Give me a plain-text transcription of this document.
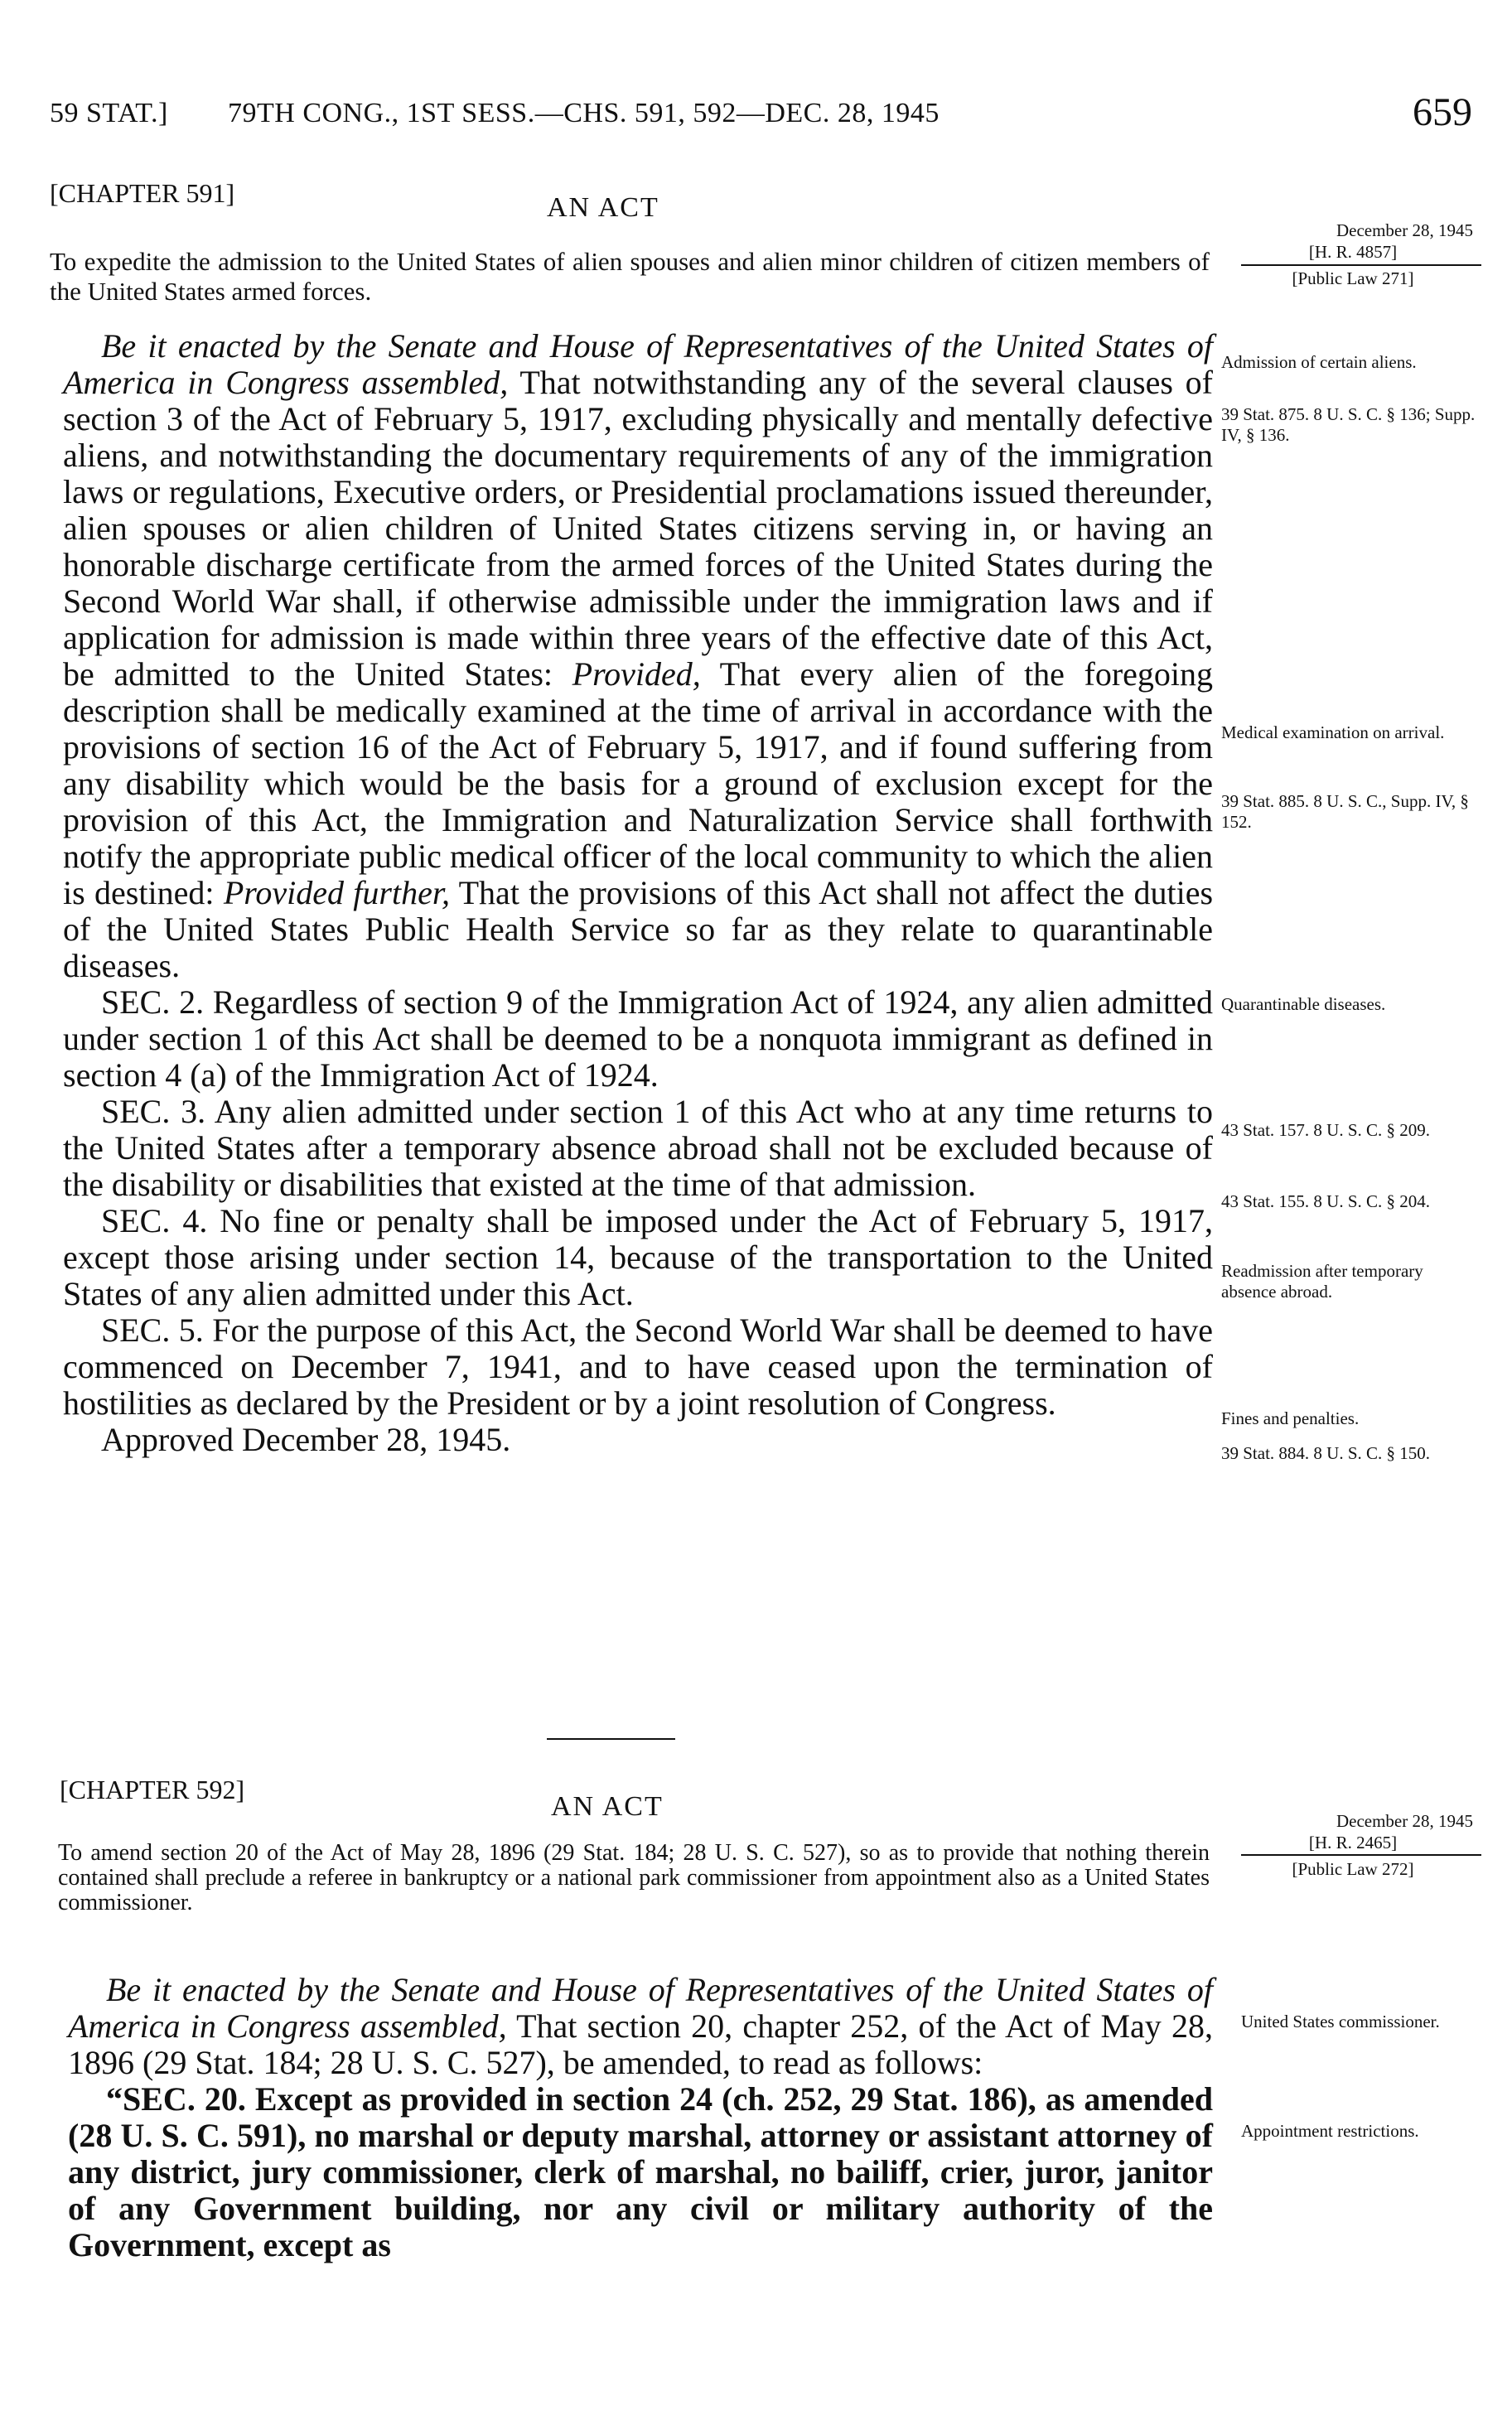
59 STAT.] 79TH CONG., 1ST SESS.—CHS. 591, 592—DEC. 28, 1945	659
[CHAPTER 591]	AN ACT
To expedite the admission to the United States of alien spouses and alien minor children of citizen members of the United States armed forces.
December 28, 1945
[H. R. 4857]
[Public Law 271]

Be it enacted by the Senate and House of Representatives of the United States of America in Congress assembled, That notwithstanding any of the several clauses of section 3 of the Act of February 5, 1917, excluding physically and mentally defective aliens, and notwithstanding the documentary requirements of any of the immigration laws or regulations, Executive orders, or Presidential proclamations issued thereunder, alien spouses or alien children of United States citizens serving in, or having an honorable discharge certificate from the armed forces of the United States during the Second World War shall, if otherwise admissible under the immigration laws and if application for admission is made within three years of the effective date of this Act, be admitted to the United States: Provided, That every alien of the foregoing description shall be medically examined at the time of arrival in accordance with the provisions of section 16 of the Act of February 5, 1917, and if found suffering from any disability which would be the basis for a ground of exclusion except for the provision of this Act, the Immigration and Naturalization Service shall forthwith notify the appropriate public medical officer of the local community to which the alien is destined: Provided further, That the provisions of this Act shall not affect the duties of the United States Public Health Service so far as they relate to quarantinable diseases.

SEC. 2. Regardless of section 9 of the Immigration Act of 1924, any alien admitted under section 1 of this Act shall be deemed to be a nonquota immigrant as defined in section 4 (a) of the Immigration Act of 1924.

SEC. 3. Any alien admitted under section 1 of this Act who at any time returns to the United States after a temporary absence abroad shall not be excluded because of the disability or disabilities that existed at the time of that admission.

SEC. 4. No fine or penalty shall be imposed under the Act of February 5, 1917, except those arising under section 14, because of the transportation to the United States of any alien admitted under this Act.

SEC. 5. For the purpose of this Act, the Second World War shall be deemed to have commenced on December 7, 1941, and to have ceased upon the termination of hostilities as declared by the President or by a joint resolution of Congress.

Approved December 28, 1945.

Admission of certain aliens.
39 Stat. 875. 8 U. S. C. § 136; Supp. IV, § 136.
Medical examination on arrival.
39 Stat. 885. 8 U. S. C., Supp. IV, § 152.
Quarantinable diseases.
43 Stat. 157. 8 U. S. C. § 209.
43 Stat. 155. 8 U. S. C. § 204.
Readmission after temporary absence abroad.
Fines and penalties.
39 Stat. 884. 8 U. S. C. § 150.
[CHAPTER 592]
AN ACT
To amend section 20 of the Act of May 28, 1896 (29 Stat. 184; 28 U. S. C. 527), so as to provide that nothing therein contained shall preclude a referee in bankruptcy or a national park commissioner from appointment also as a United States commissioner.
December 28, 1945
[H. R. 2465]
[Public Law 272]

Be it enacted by the Senate and House of Representatives of the United States of America in Congress assembled, That section 20, chapter 252, of the Act of May 28, 1896 (29 Stat. 184; 28 U. S. C. 527), be amended, to read as follows:

“SEC. 20. Except as provided in section 24 (ch. 252, 29 Stat. 186), as amended (28 U. S. C. 591), no marshal or deputy marshal, attorney or assistant attorney of any district, jury commissioner, clerk of marshal, no bailiff, crier, juror, janitor of any Government building, nor any civil or military authority of the Government, except as

United States commissioner.
Appointment restrictions.
